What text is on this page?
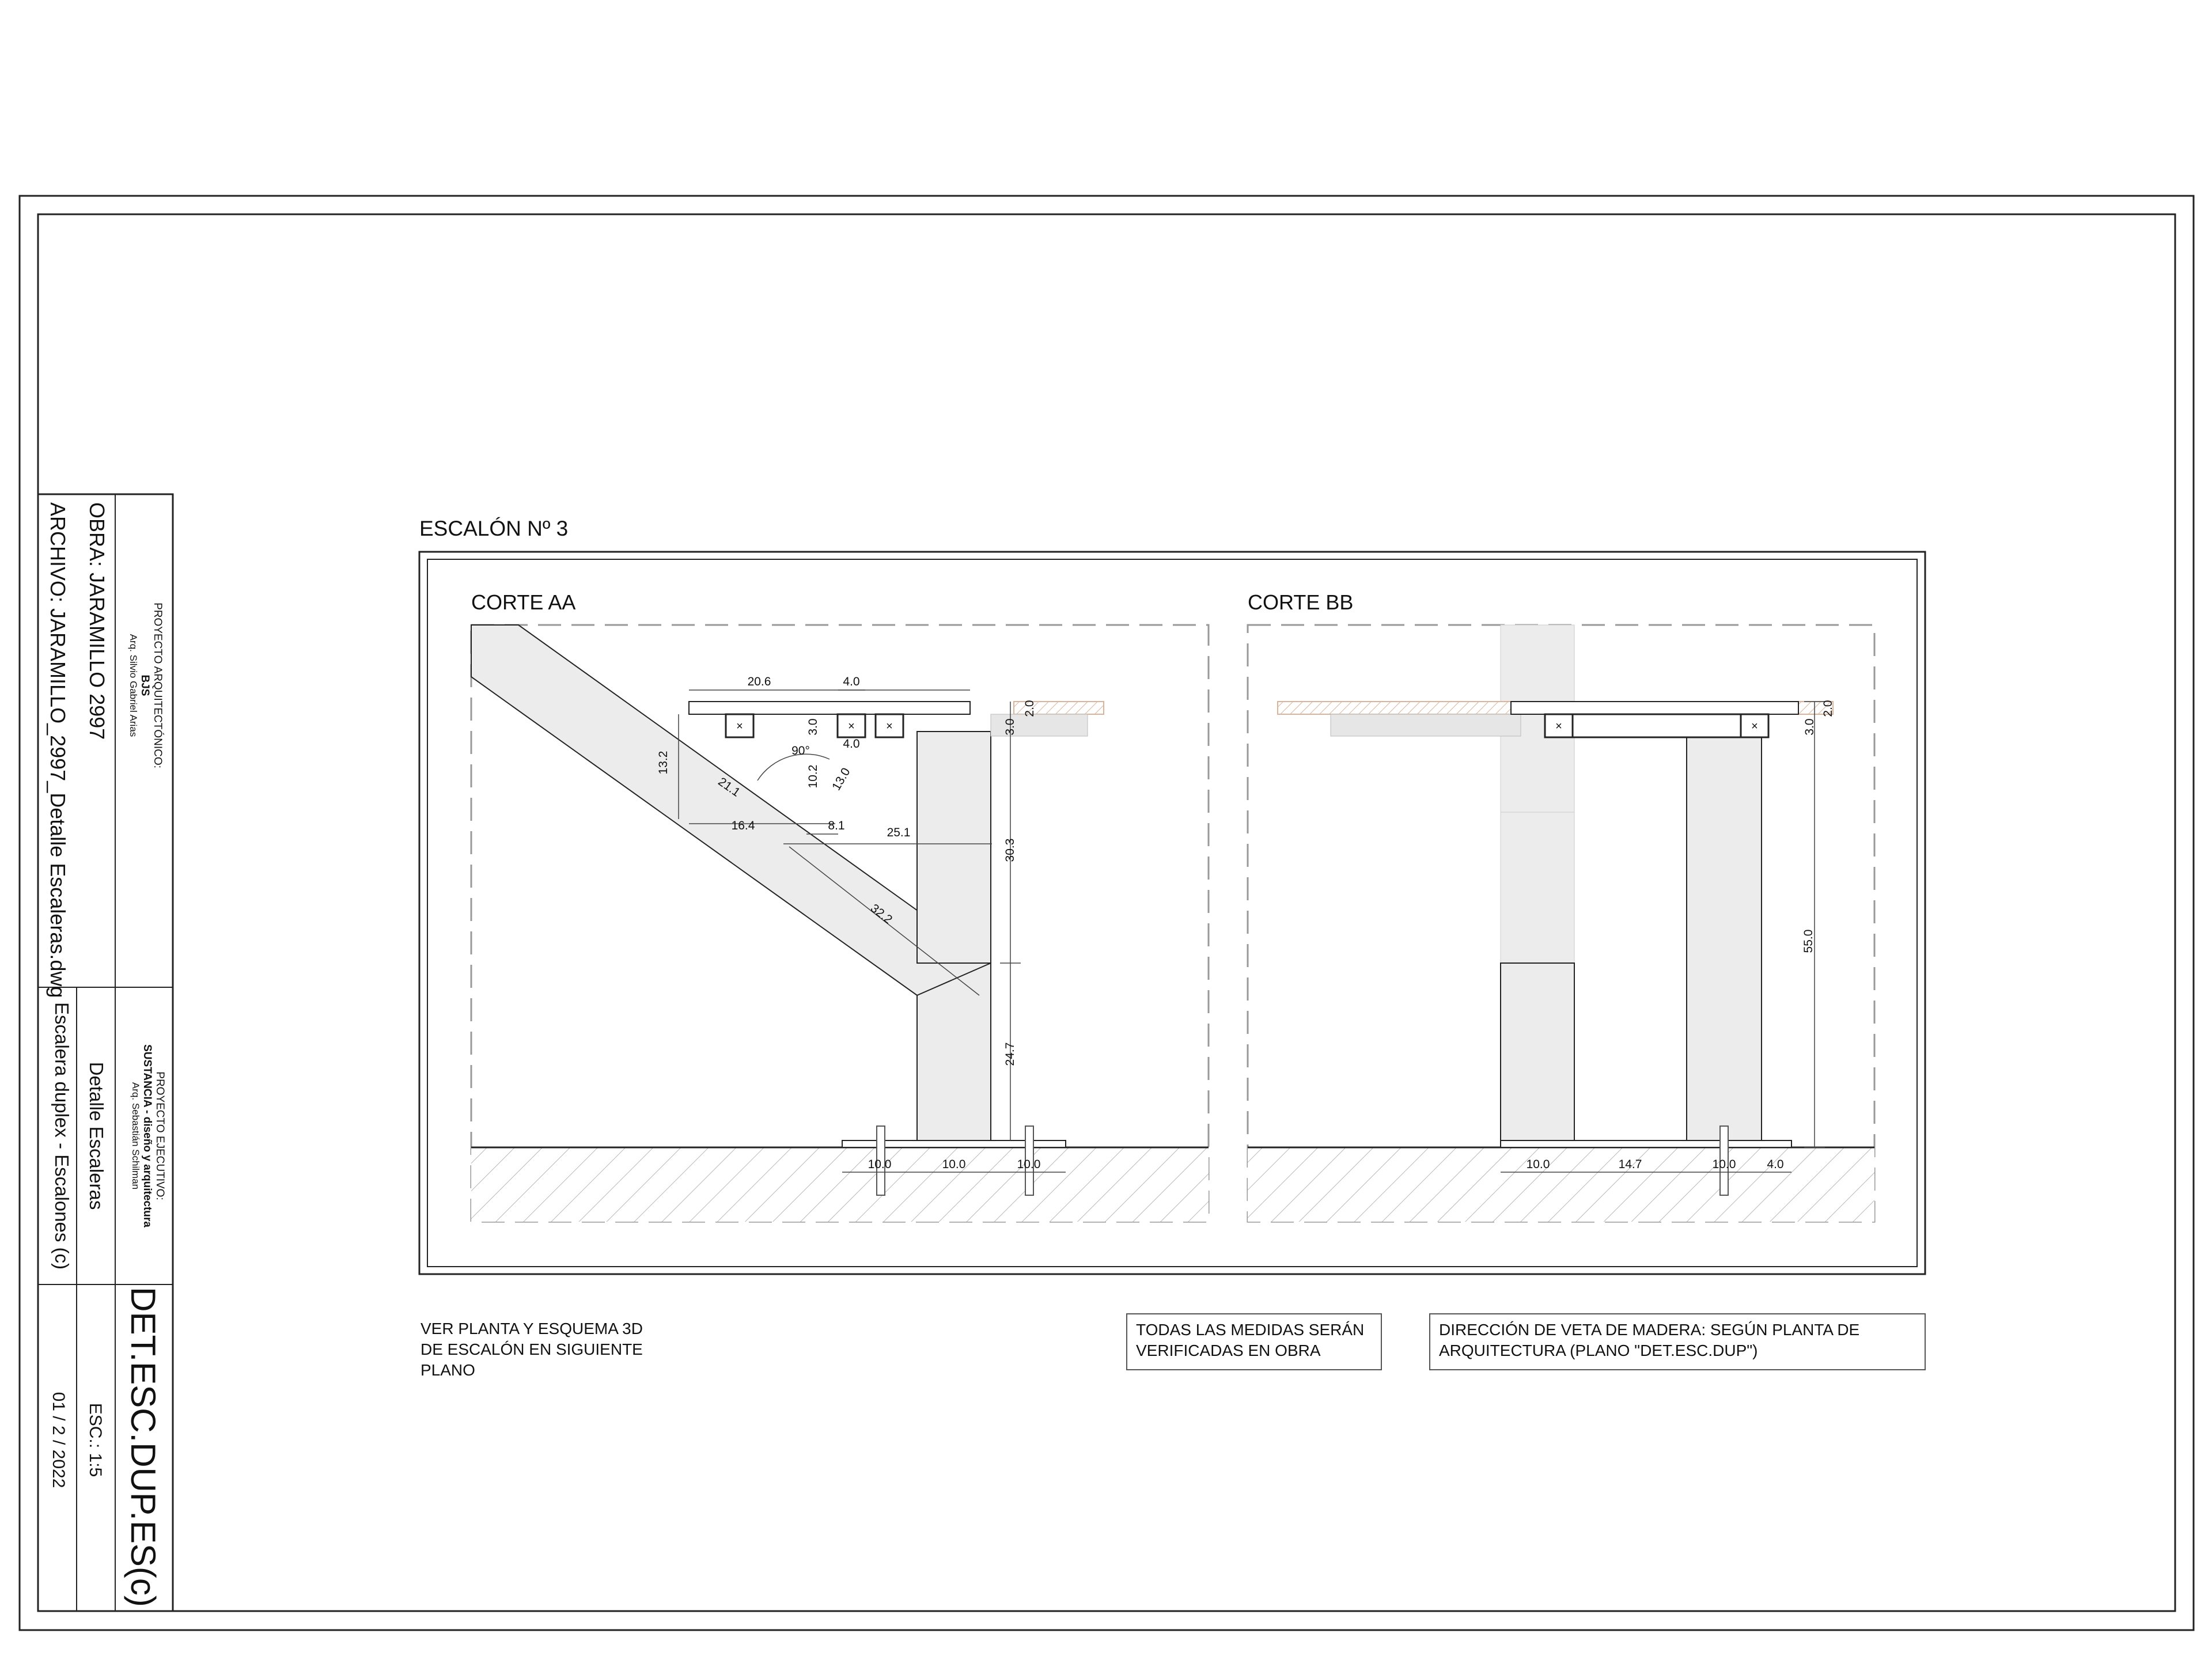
ESCALÓN Nº 3
CORTE AA
×	×	×
20.6	4.0
3.0
4.0
13.2
21.1
90°
10.2 13.0
16.4	8.1
25.1
32.2
3.0
2.0
30.3
24.7
10.0	10.0	10.0
CORTE BB
×	×	3.0
2.0
55.0
10.0	14.7	10.0	4.0
VER PLANTA Y ESQUEMA 3D
DE ESCALÓN EN SIGUIENTE
PLANO
TODAS LAS MEDIDAS SERÁN
VERIFICADAS EN OBRA
DIRECCIÓN DE VETA DE MADERA: SEGÚN PLANTA DE
ARQUITECTURA (PLANO "DET.ESC.DUP")
OBRA: JARAMILLO 2997
ARCHIVO: JARAMILLO_2997_Detalle Escaleras.dwg	PROYECTO ARQUITECTÓNICO:
BJS
Arq. Silvio Gabriel Arias
Detalle Escaleras
Escalera duplex - Escalones (c)	PROYECTO EJECUTIVO:
SUSTANCIA - diseño y arquitectura
Arq. Sebastián Schilman
DET.ESC.DUP.ES(c)
ESC.: 1:5
01 / 2 / 2022
